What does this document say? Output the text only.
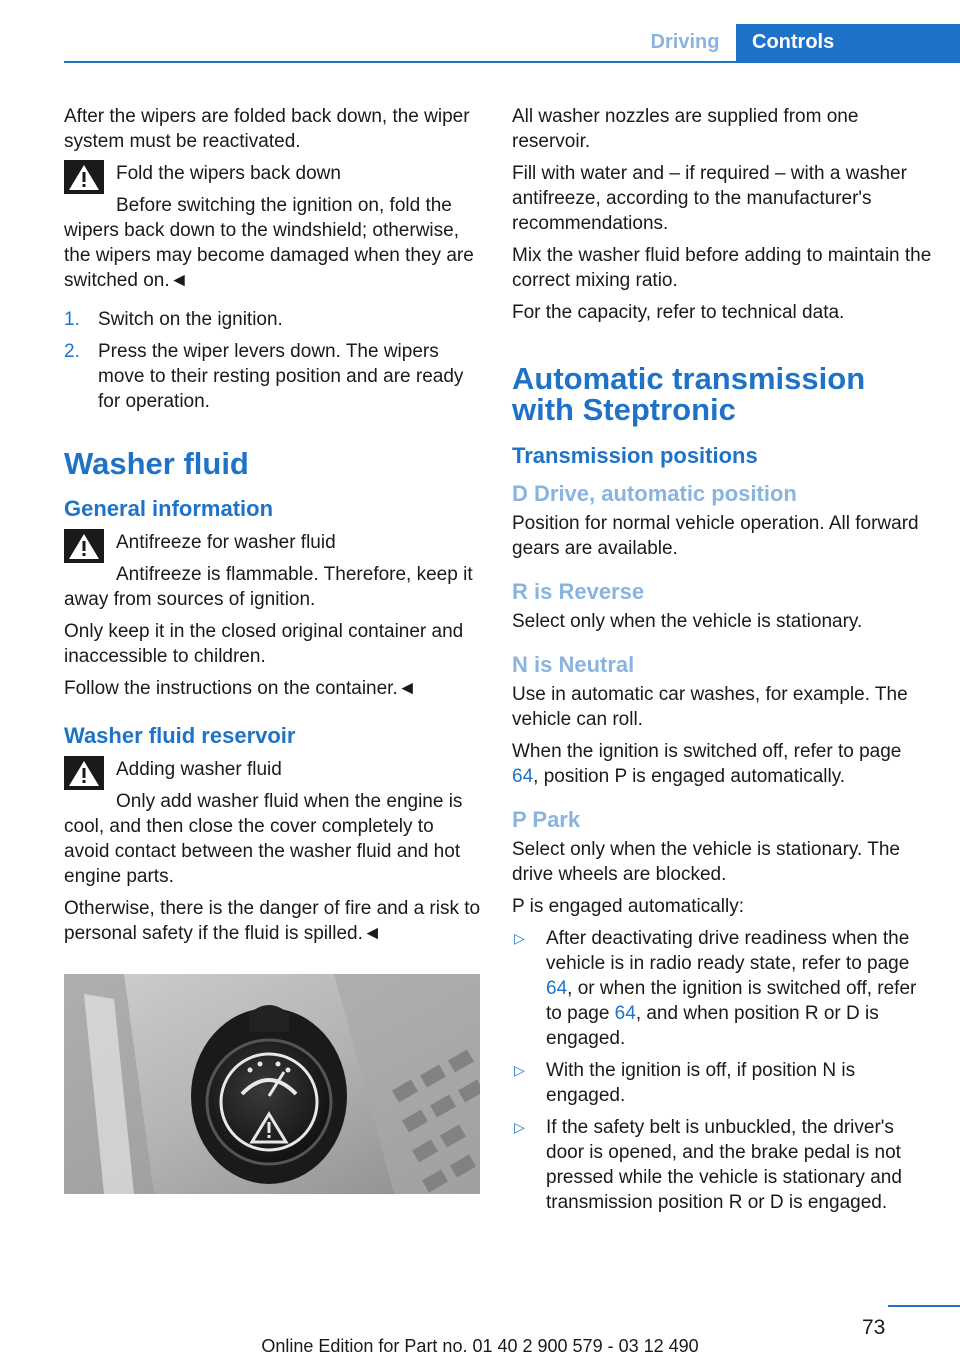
Driving	Controls

After the wipers are folded back down, the wiper system must be reactivated.

Fold the wipers back down
Before switching the ignition on, fold the wipers back down to the windshield; otherwise, the wipers may become damaged when they are switched on.◄
1. Switch on the ignition.
2. Press the wiper levers down. The wipers move to their resting position and are ready for operation.
Washer fluid
General information
Antifreeze for washer fluid
Antifreeze is flammable. Therefore, keep it away from sources of ignition.

Only keep it in the closed original container and inaccessible to children.

Follow the instructions on the container.◄

Washer fluid reservoir
Adding washer fluid
Only add washer fluid when the engine is cool, and then close the cover completely to avoid contact between the washer fluid and hot engine parts.

Otherwise, there is the danger of fire and a risk to personal safety if the fluid is spilled.◄

All washer nozzles are supplied from one reservoir.

Fill with water and – if required – with a washer antifreeze, according to the manufacturer's recommendations.

Mix the washer fluid before adding to maintain the correct mixing ratio.

For the capacity, refer to technical data.

Automatic transmission with Steptronic
Transmission positions
D Drive, automatic position

Position for normal vehicle operation. All forward gears are available.

R is Reverse

Select only when the vehicle is stationary.

N is Neutral

Use in automatic car washes, for example. The vehicle can roll.

When the ignition is switched off, refer to page 64, position P is engaged automatically.

P Park

Select only when the vehicle is stationary. The drive wheels are blocked.

P is engaged automatically:

▷ After deactivating drive readiness when the vehicle is in radio ready state, refer to page 64, or when the ignition is switched off, refer to page 64, and when position R or D is engaged.
▷ With the ignition is off, if position N is engaged.
▷ If the safety belt is unbuckled, the driver's door is opened, and the brake pedal is not pressed while the vehicle is stationary and transmission position R or D is engaged.
73
Online Edition for Part no. 01 40 2 900 579 - 03 12 490
